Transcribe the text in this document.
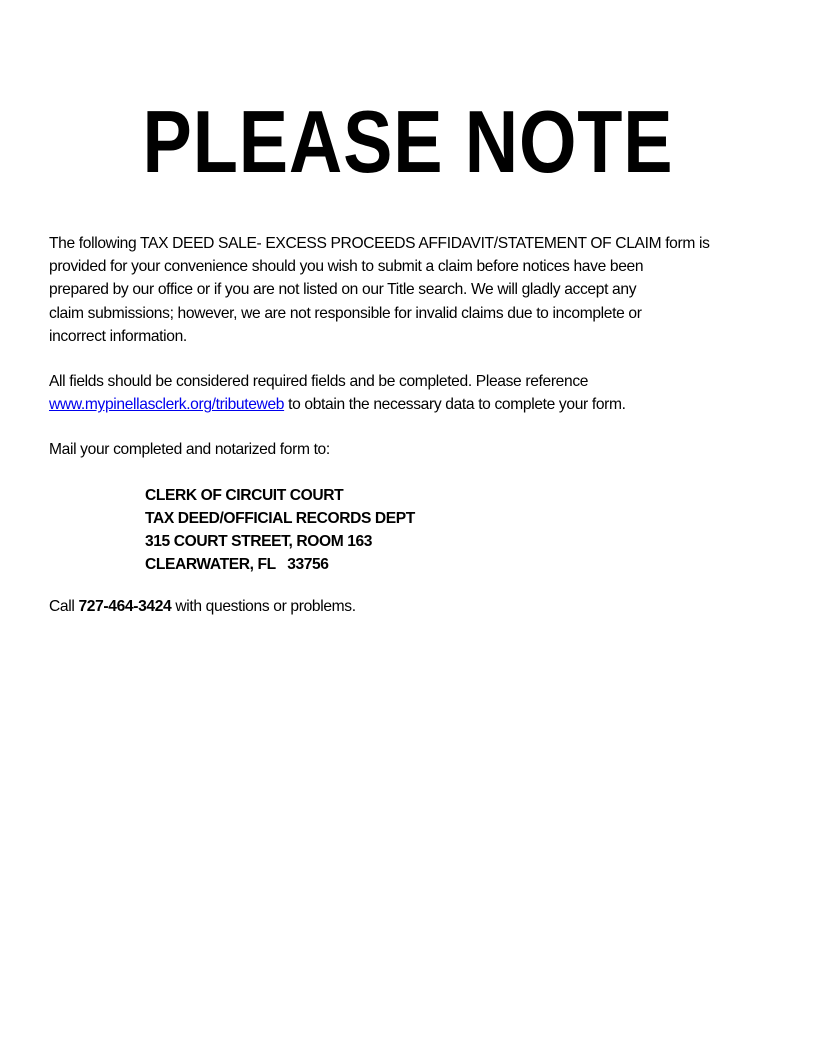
PLEASE NOTE
The following TAX DEED SALE- EXCESS PROCEEDS AFFIDAVIT/STATEMENT OF CLAIM form is
provided for your convenience should you wish to submit a claim before notices have been
prepared by our office or if you are not listed on our Title search. We will gladly accept any
claim submissions; however, we are not responsible for invalid claims due to incomplete or
incorrect information.
All fields should be considered required fields and be completed. Please reference
www.mypinellasclerk.org/tributeweb to obtain the necessary data to complete your form.
Mail your completed and notarized form to:
CLERK OF CIRCUIT COURT
TAX DEED/OFFICIAL RECORDS DEPT
315 COURT STREET, ROOM 163
CLEARWATER, FL   33756
Call 727-464-3424 with questions or problems.
